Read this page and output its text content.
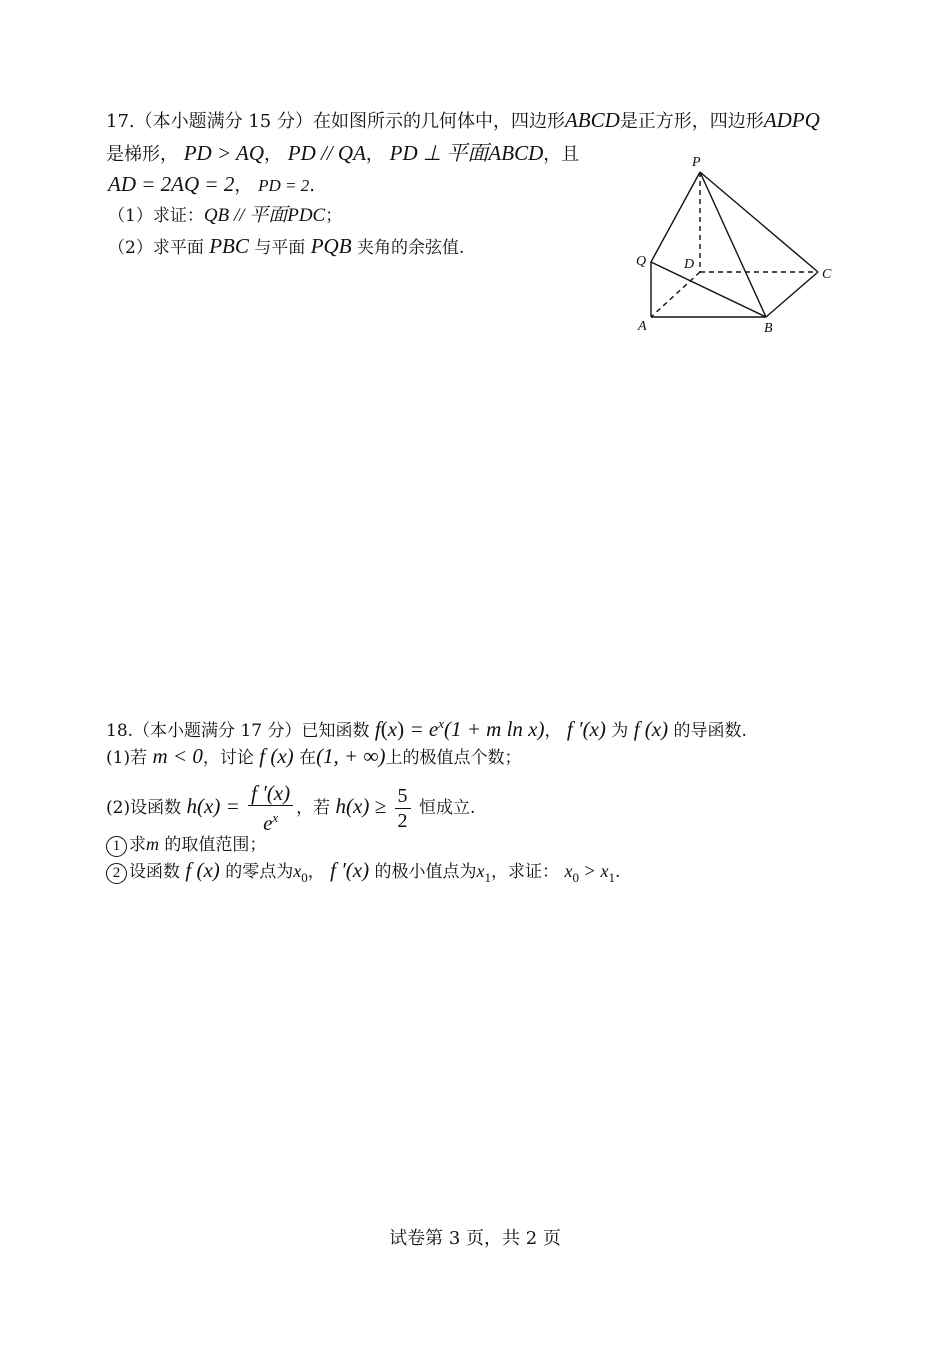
17.（本小题满分 15 分）在如图所示的几何体中，四边形ABCD是正方形，四边形ADPQ
是梯形， PD > AQ， PD // QA， PD ⊥ 平面ABCD，且
AD = 2AQ = 2， PD = 2.
（1）求证：QB // 平面PDC；
（2）求平面 PBC 与平面 PQB 夹角的余弦值.
P
Q	D
C
A	B
18.（本小题满分 17 分）已知函数 $f(x) = e^x(1 + m$ ln x)， f ′(x) 为 f (x) 的导函数.
(1)若 m < 0，讨论 f (x) 在(1, + ∞)上的极值点个数；
(2)设函数 $h(x) = \frac{f '(x)}{e^x}$ ，若 $h(x) \ge \frac{5}{2}$ 恒成立.
1 求m 的取值范围；
2 设函数 f (x) 的零点为$x_0$， f ′(x) 的极小值点为$x_1$，求证： $x_0 > x_1$.
试卷第 3 页，共 2 页
